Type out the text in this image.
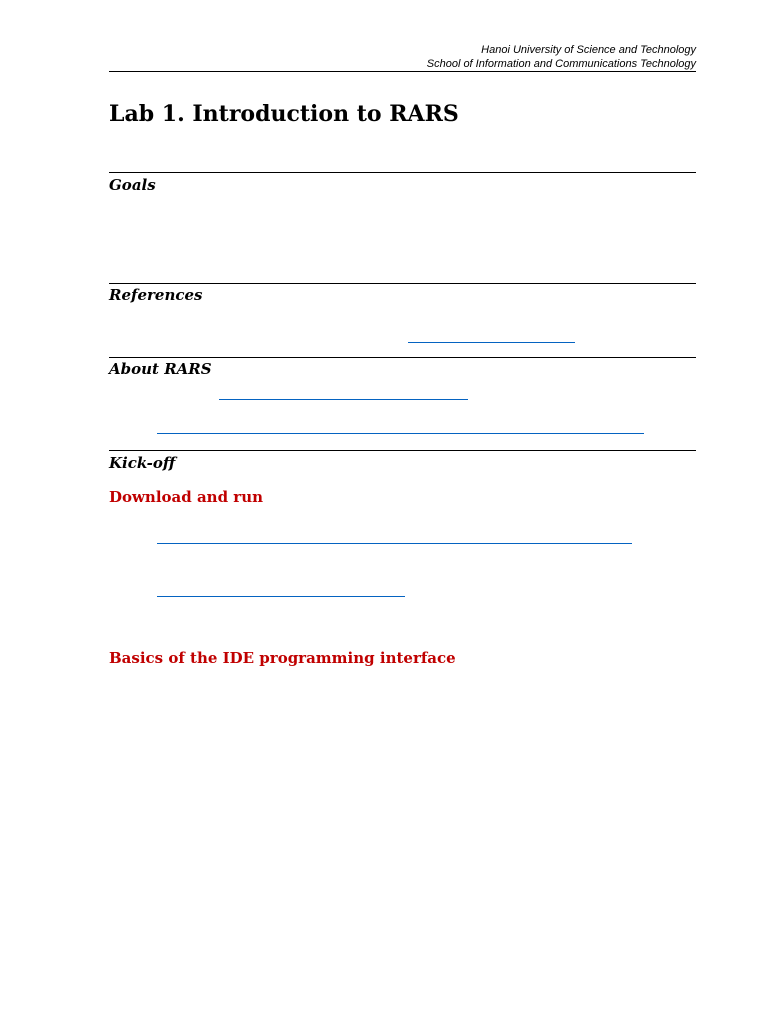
Hanoi University of Science and Technology
School of Information and Communications Technology
Lab 1. Introduction to RARS
Goals
References
About RARS
Kick-off
Download and run
Basics of the IDE programming interface
